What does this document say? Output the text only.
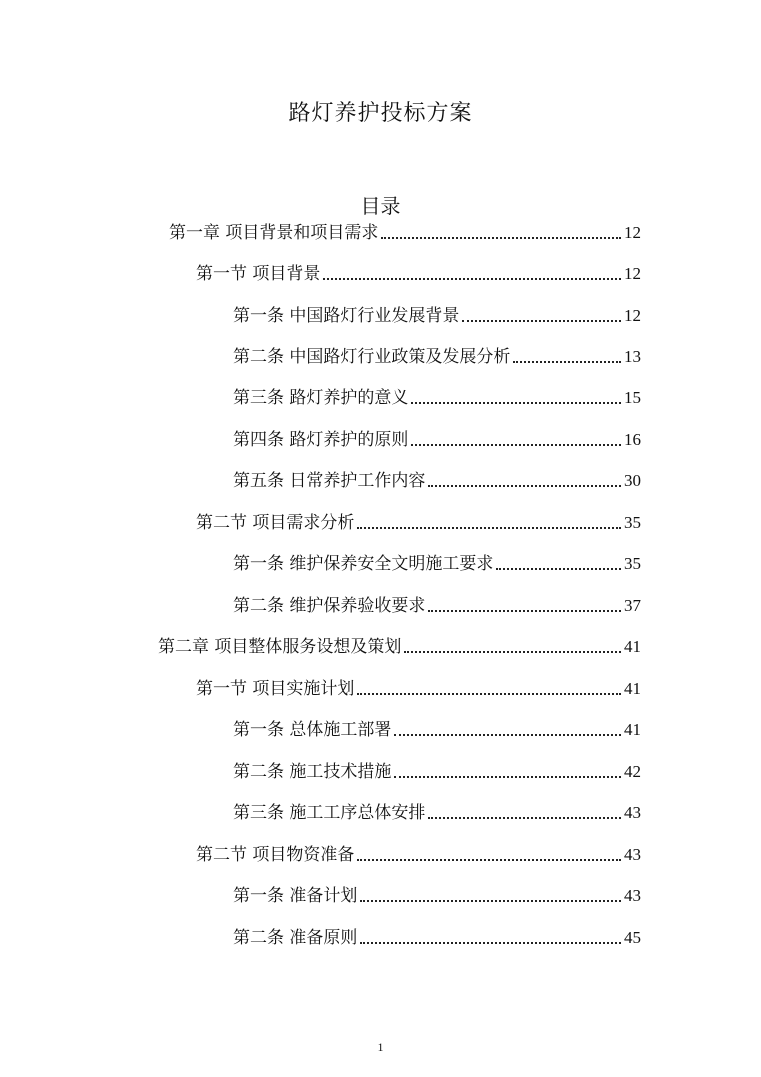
路灯养护投标方案
目录
第一章 项目背景和项目需求	12
第一节 项目背景	12
第一条 中国路灯行业发展背景	12
第二条 中国路灯行业政策及发展分析	13
第三条 路灯养护的意义	15
第四条 路灯养护的原则	16
第五条 日常养护工作内容	30
第二节 项目需求分析	35
第一条 维护保养安全文明施工要求	35
第二条 维护保养验收要求	37
第二章 项目整体服务设想及策划	41
第一节 项目实施计划	41
第一条 总体施工部署	41
第二条 施工技术措施	42
第三条 施工工序总体安排	43
第二节 项目物资准备	43
第一条 准备计划	43
第二条 准备原则	45
1
